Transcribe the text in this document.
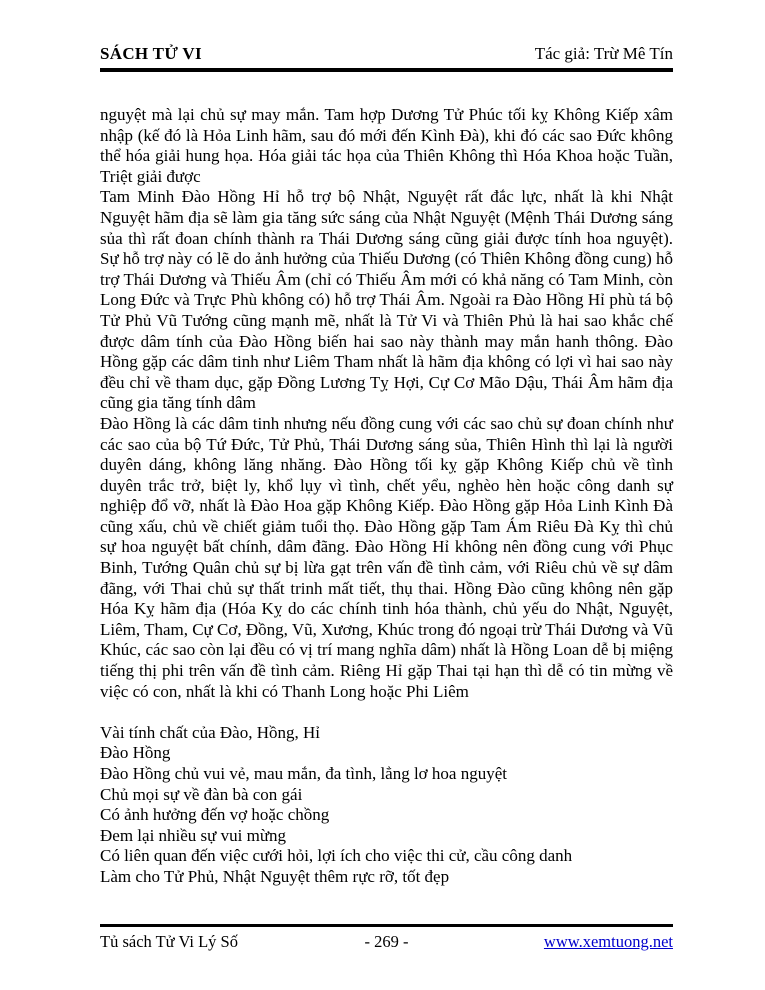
SÁCH TỬ VI	Tác giả: Trừ Mê Tín

nguyệt mà lại chủ sự may mắn. Tam hợp Dương Tử Phúc tối kỵ Không Kiếp xâm nhập (kế đó là Hỏa Linh hãm, sau đó mới đến Kình Đà), khi đó các sao Đức không thể hóa giải hung họa. Hóa giải tác họa của Thiên Không thì Hóa Khoa hoặc Tuần, Triệt giải được

Tam Minh Đào Hồng Hỉ hỗ trợ bộ Nhật, Nguyệt rất đắc lực, nhất là khi Nhật Nguyệt hãm địa sẽ làm gia tăng sức sáng của Nhật Nguyệt (Mệnh Thái Dương sáng sủa thì rất đoan chính thành ra Thái Dương sáng cũng giải được tính hoa nguyệt). Sự hỗ trợ này có lẽ do ảnh hưởng của Thiếu Dương (có Thiên Không đồng cung) hỗ trợ Thái Dương và Thiếu Âm (chỉ có Thiếu Âm mới có khả năng có Tam Minh, còn Long Đức và Trực Phù không có) hỗ trợ Thái Âm. Ngoài ra Đào Hồng Hỉ phù tá bộ Tử Phủ Vũ Tướng cũng mạnh mẽ, nhất là Tử Vi và Thiên Phủ là hai sao khắc chế được dâm tính của Đào Hồng biến hai sao này thành may mắn hanh thông. Đào Hồng gặp các dâm tinh như Liêm Tham nhất là hãm địa không có lợi vì hai sao này đều chỉ về tham dục, gặp Đồng Lương Tỵ Hợi, Cự Cơ Mão Dậu, Thái Âm hãm địa cũng gia tăng tính dâm

Đào Hồng là các dâm tinh nhưng nếu đồng cung với các sao chủ sự đoan chính như các sao của bộ Tứ Đức, Tử Phủ, Thái Dương sáng sủa, Thiên Hình thì lại là người duyên dáng, không lăng nhăng. Đào Hồng tối kỵ gặp Không Kiếp chủ về tình duyên trắc trở, biệt ly, khổ lụy vì tình, chết yểu, nghèo hèn hoặc công danh sự nghiệp đổ vỡ, nhất là Đào Hoa gặp Không Kiếp. Đào Hồng gặp Hỏa Linh Kình Đà cũng xấu, chủ về chiết giảm tuổi thọ. Đào Hồng gặp Tam Ám Riêu Đà Kỵ thì chủ sự hoa nguyệt bất chính, dâm đãng. Đào Hồng Hỉ không nên đồng cung với Phục Binh, Tướng Quân chủ sự bị lừa gạt trên vấn đề tình cảm, với Riêu chủ về sự dâm đãng, với Thai chủ sự thất trinh mất tiết, thụ thai. Hồng Đào cũng không nên gặp Hóa Kỵ hãm địa (Hóa Kỵ do các chính tinh hóa thành, chủ yếu do Nhật, Nguyệt, Liêm, Tham, Cự Cơ, Đồng, Vũ, Xương, Khúc trong đó ngoại trừ Thái Dương và Vũ Khúc, các sao còn lại đều có vị trí mang nghĩa dâm) nhất là Hồng Loan dễ bị miệng tiếng thị phi trên vấn đề tình cảm. Riêng Hỉ gặp Thai tại hạn thì dễ có tin mừng về việc có con, nhất là khi có Thanh Long hoặc Phi Liêm

Vài tính chất của Đào, Hồng, Hỉ
Đào Hồng
Đào Hồng chủ vui vẻ, mau mắn, đa tình, lẳng lơ hoa nguyệt
Chủ mọi sự về đàn bà con gái
Có ảnh hưởng đến vợ hoặc chồng
Đem lại nhiều sự vui mừng
Có liên quan đến việc cưới hỏi, lợi ích cho việc thi cử, cầu công danh
Làm cho Tử Phủ, Nhật Nguyệt thêm rực rỡ, tốt đẹp
Tủ sách Tử Vi Lý Số	- 269 -	www.xemtuong.net
